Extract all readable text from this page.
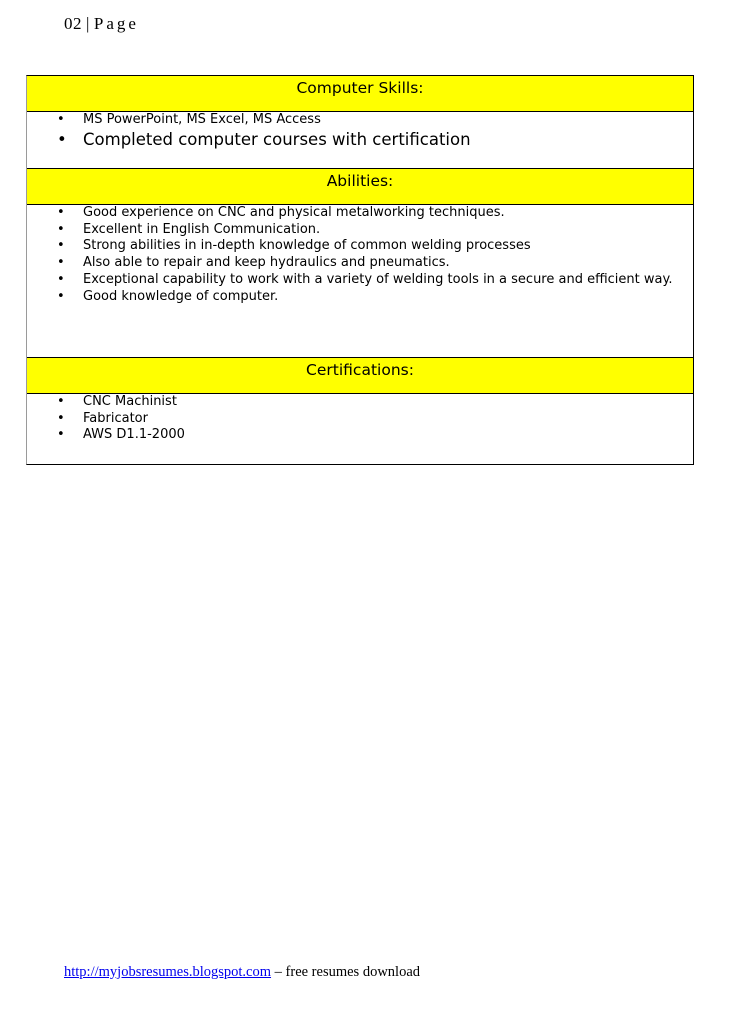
02 | Page
Computer Skills:
• MS PowerPoint, MS Excel, MS Access
• Completed computer courses with certification
Abilities:
• Good experience on CNC and physical metalworking techniques.
• Excellent in English Communication.
• Strong abilities in in-depth knowledge of common welding processes
• Also able to repair and keep hydraulics and pneumatics.
• Exceptional capability to work with a variety of welding tools in a secure and efficient way.
• Good knowledge of computer.
Certifications:
• CNC Machinist
• Fabricator
• AWS D1.1-2000
http://myjobsresumes.blogspot.com – free resumes download
